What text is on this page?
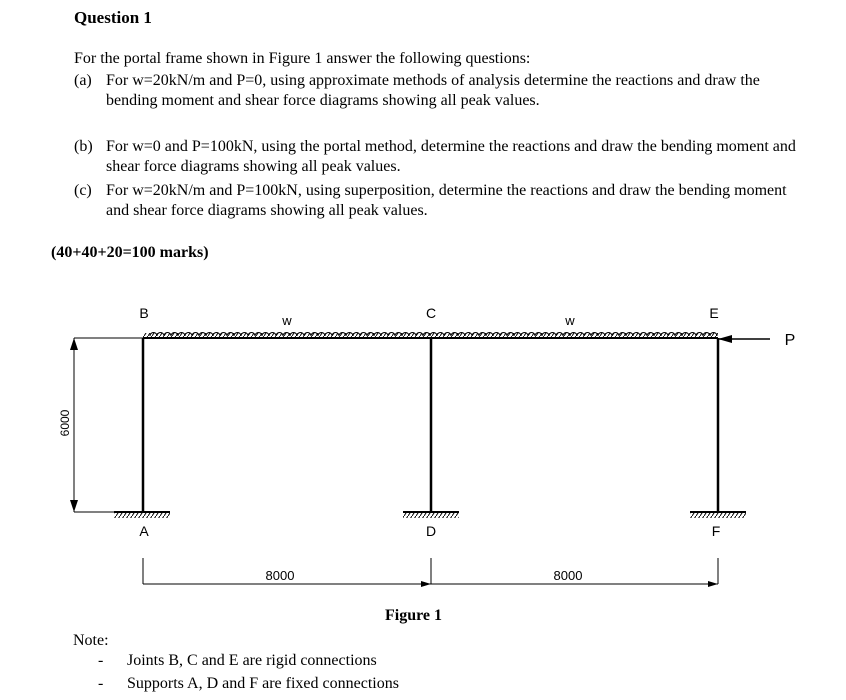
Question 1
For the portal frame shown in Figure 1 answer the following questions:
(a) For w=20kN/m and P=0, using approximate methods of analysis determine the reactions and draw the bending moment and shear force diagrams showing all peak values.
(b) For w=0 and P=100kN, using the portal method, determine the reactions and draw the bending moment and shear force diagrams showing all peak values.
(c) For w=20kN/m and P=100kN, using superposition, determine the reactions and draw the bending moment and shear force diagrams showing all peak values.
(40+40+20=100 marks)
B	C	E
w	w
P
A	D	F
6000
8000	8000
Figure 1
Note:
- Joints B, C and E are rigid connections
- Supports A, D and F are fixed connections
